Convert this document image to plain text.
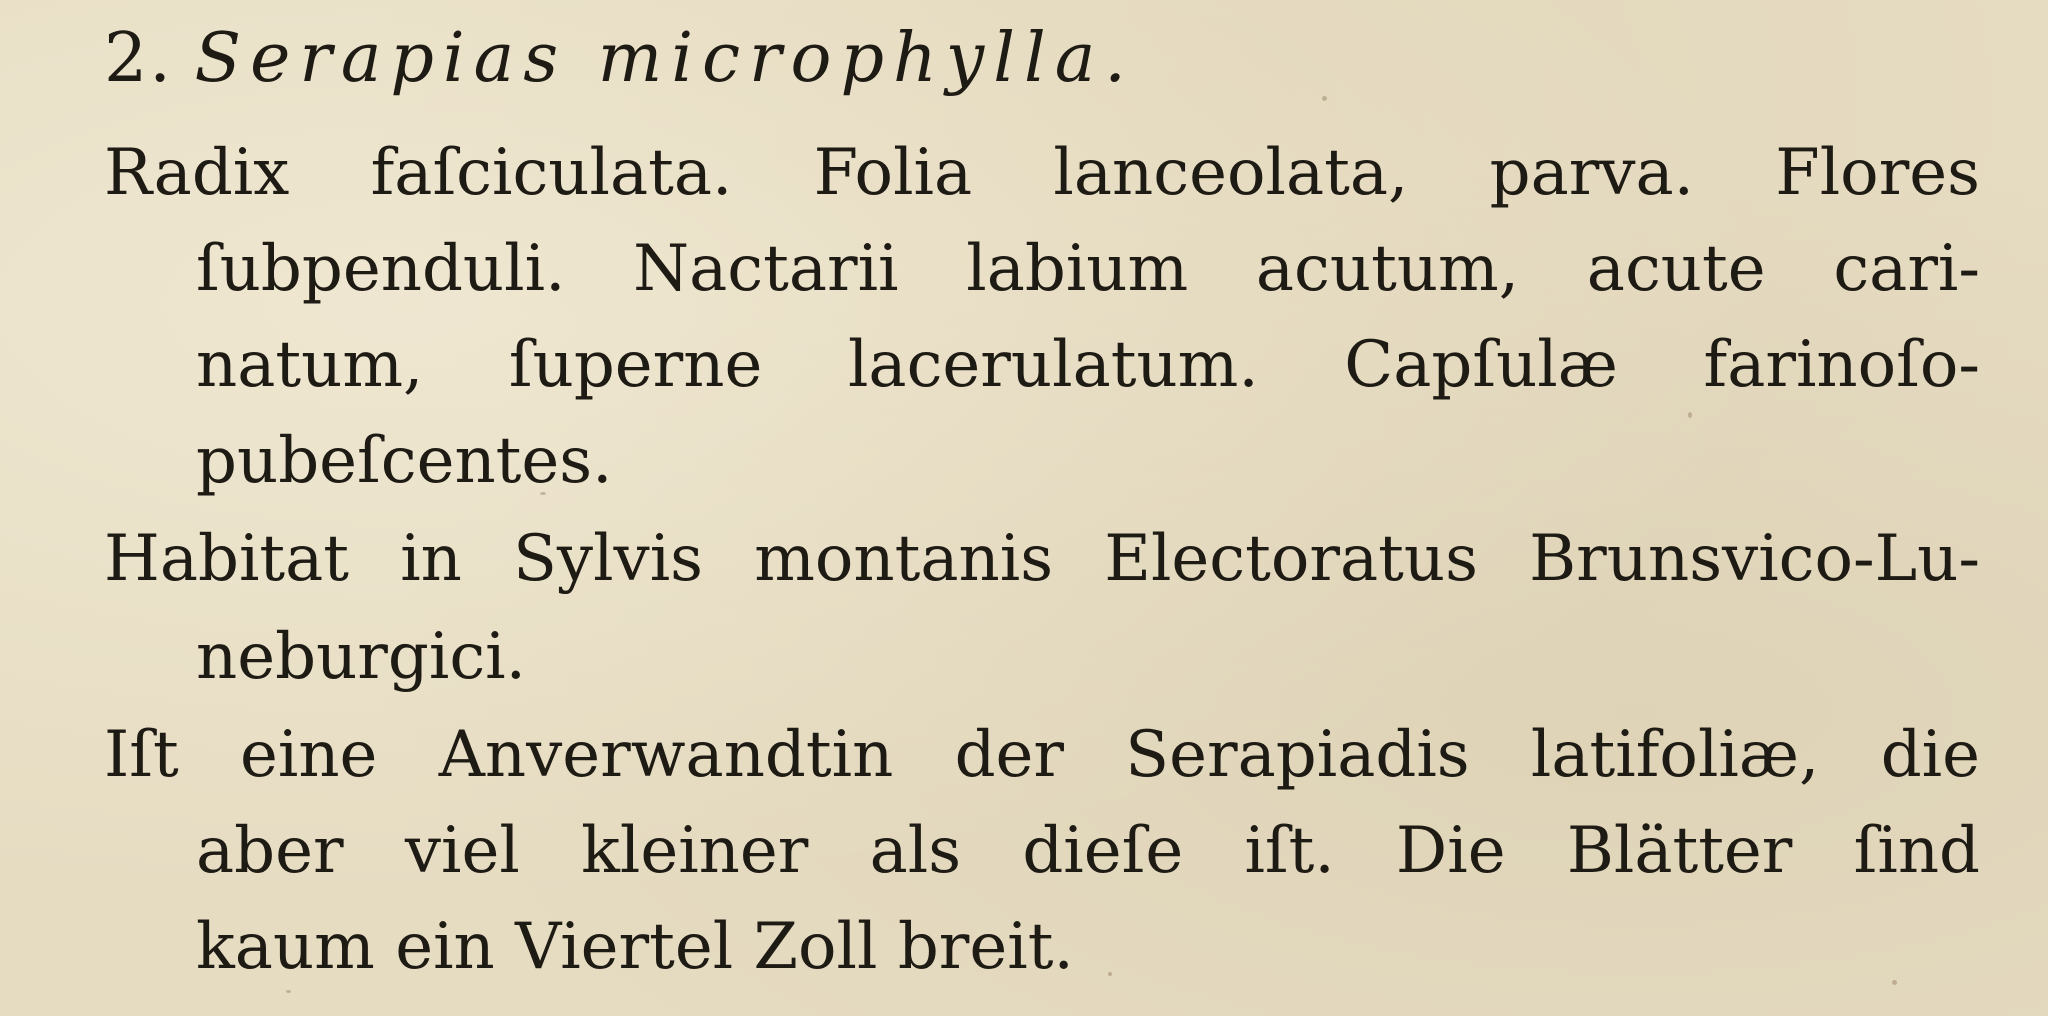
2. Serapias microphylla.
Radix faſciculata. Folia lanceolata, parva. Flores
ſubpenduli. Nactarii labium acutum, acute cari-
natum, ſuperne lacerulatum. Capſulæ farinoſo-
pubeſcentes.
Habitat in Sylvis montanis Electoratus Brunsvico-Lu-
neburgici.
Iſt eine Anverwandtin der Serapiadis latifoliæ, die
aber viel kleiner als dieſe iſt. Die Blätter ſind
kaum ein Viertel Zoll breit.
